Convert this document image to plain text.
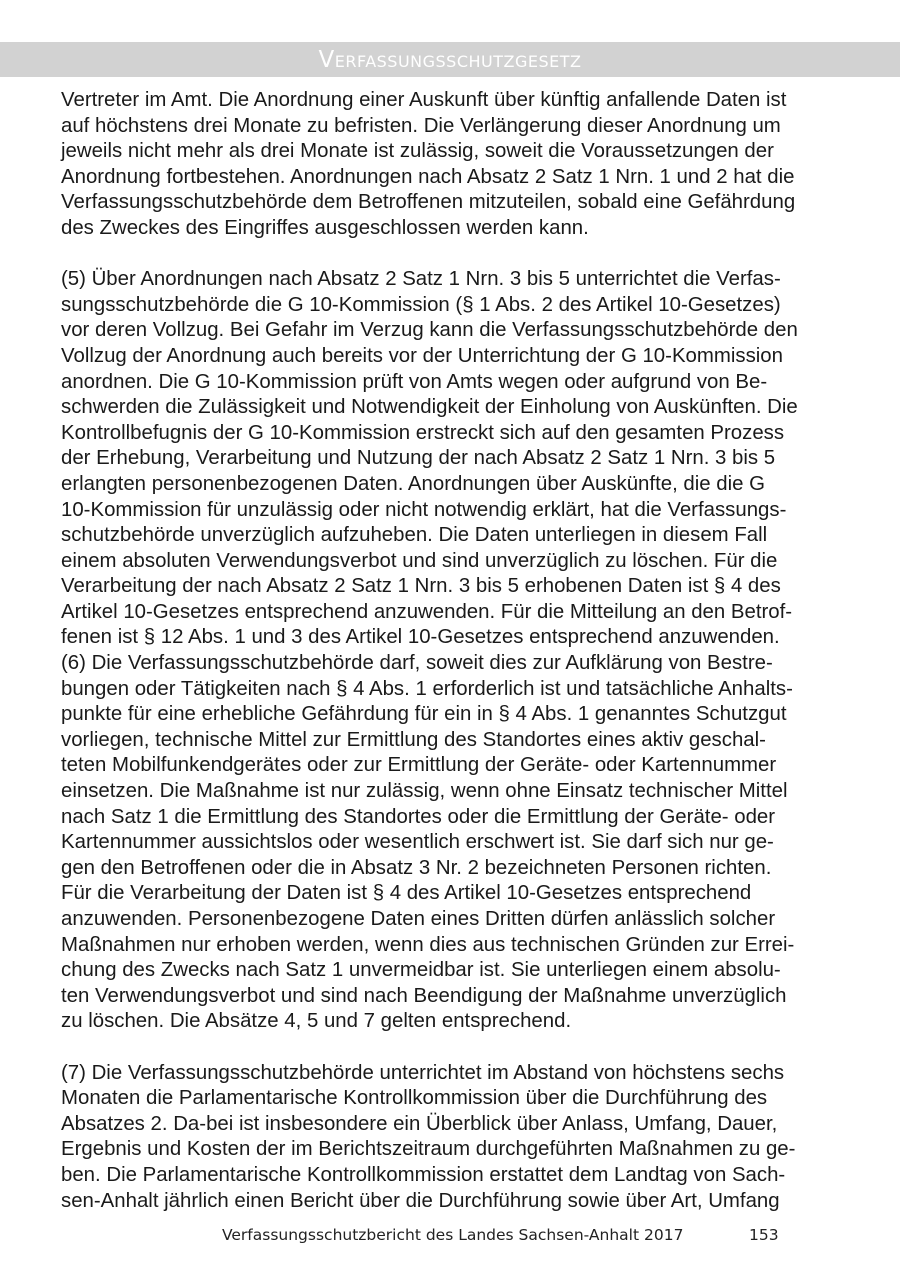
Verfassungsschutzgesetz
Vertreter im Amt. Die Anordnung einer Auskunft über künftig anfallende Daten ist
auf höchstens drei Monate zu befristen. Die Verlängerung dieser Anordnung um
jeweils nicht mehr als drei Monate ist zulässig, soweit die Voraussetzungen der
Anordnung fortbestehen. Anordnungen nach Absatz 2 Satz 1 Nrn. 1 und 2 hat die
Verfassungsschutzbehörde dem Betroffenen mitzuteilen, sobald eine Gefährdung
des Zweckes des Eingriffes ausgeschlossen werden kann.
(5) Über Anordnungen nach Absatz 2 Satz 1 Nrn. 3 bis 5 unterrichtet die Verfas-
sungsschutzbehörde die G 10-Kommission (§ 1 Abs. 2 des Artikel 10-Gesetzes)
vor deren Vollzug. Bei Gefahr im Verzug kann die Verfassungsschutzbehörde den
Vollzug der Anordnung auch bereits vor der Unterrichtung der G 10-Kommission
anordnen. Die G 10-Kommission prüft von Amts wegen oder aufgrund von Be-
schwerden die Zulässigkeit und Notwendigkeit der Einholung von Auskünften. Die
Kontrollbefugnis der G 10-Kommission erstreckt sich auf den gesamten Prozess
der Erhebung, Verarbeitung und Nutzung der nach Absatz 2 Satz 1 Nrn. 3 bis 5
erlangten personenbezogenen Daten. Anordnungen über Auskünfte, die die G
10-Kommission für unzulässig oder nicht notwendig erklärt, hat die Verfassungs-
schutzbehörde unverzüglich aufzuheben. Die Daten unterliegen in diesem Fall
einem absoluten Verwendungsverbot und sind unverzüglich zu löschen. Für die
Verarbeitung der nach Absatz 2 Satz 1 Nrn. 3 bis 5 erhobenen Daten ist § 4 des
Artikel 10-Gesetzes entsprechend anzuwenden. Für die Mitteilung an den Betrof-
fenen ist § 12 Abs. 1 und 3 des Artikel 10-Gesetzes entsprechend anzuwenden.
(6) Die Verfassungsschutzbehörde darf, soweit dies zur Aufklärung von Bestre-
bungen oder Tätigkeiten nach § 4 Abs. 1 erforderlich ist und tatsächliche Anhalts-
punkte für eine erhebliche Gefährdung für ein in § 4 Abs. 1 genanntes Schutzgut
vorliegen, technische Mittel zur Ermittlung des Standortes eines aktiv geschal-
teten Mobilfunkendgerätes oder zur Ermittlung der Geräte- oder Kartennummer
einsetzen. Die Maßnahme ist nur zulässig, wenn ohne Einsatz technischer Mittel
nach Satz 1 die Ermittlung des Standortes oder die Ermittlung der Geräte- oder
Kartennummer aussichtslos oder wesentlich erschwert ist. Sie darf sich nur ge-
gen den Betroffenen oder die in Absatz 3 Nr. 2 bezeichneten Personen richten.
Für die Verarbeitung der Daten ist § 4 des Artikel 10-Gesetzes entsprechend
anzuwenden. Personenbezogene Daten eines Dritten dürfen anlässlich solcher
Maßnahmen nur erhoben werden, wenn dies aus technischen Gründen zur Errei-
chung des Zwecks nach Satz 1 unvermeidbar ist. Sie unterliegen einem absolu-
ten Verwendungsverbot und sind nach Beendigung der Maßnahme unverzüglich
zu löschen. Die Absätze 4, 5 und 7 gelten entsprechend.
(7) Die Verfassungsschutzbehörde unterrichtet im Abstand von höchstens sechs
Monaten die Parlamentarische Kontrollkommission über die Durchführung des
Absatzes 2. Da-bei ist insbesondere ein Überblick über Anlass, Umfang, Dauer,
Ergebnis und Kosten der im Berichtszeitraum durchgeführten Maßnahmen zu ge-
ben. Die Parlamentarische Kontrollkommission erstattet dem Landtag von Sach-
sen-Anhalt jährlich einen Bericht über die Durchführung sowie über Art, Umfang
Verfassungsschutzbericht des Landes Sachsen-Anhalt 2017	153
